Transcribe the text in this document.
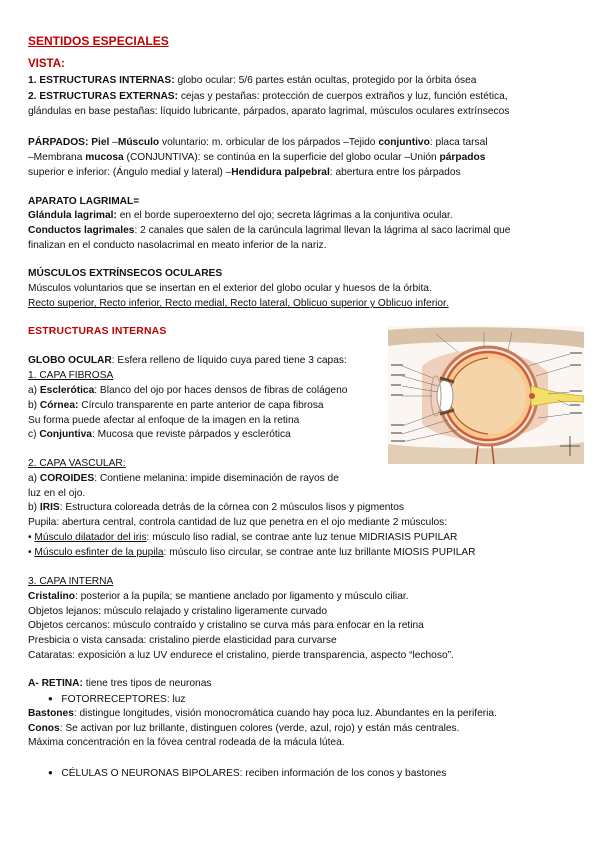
SENTIDOS ESPECIALES
VISTA:
1. ESTRUCTURAS INTERNAS: globo ocular: 5/6 partes están ocultas, protegido por la órbita ósea
2. ESTRUCTURAS EXTERNAS: cejas y pestañas: protección de cuerpos extraños y luz, función estética,
glándulas en base pestañas: líquido lubricante, párpados, aparato lagrimal, músculos oculares extrínsecos
PÁRPADOS: Piel –Músculo voluntario: m. orbicular de los párpados –Tejido conjuntivo: placa tarsal
–Membrana mucosa (CONJUNTIVA): se continúa en la superficie del globo ocular –Unión párpados
superior e inferior: (Ángulo medial y lateral) –Hendidura palpebral: abertura entre los párpados
APARATO LAGRIMAL=
Glándula lagrimal: en el borde superoexterno del ojo; secreta lágrimas a la conjuntiva ocular.
Conductos lagrimales: 2 canales que salen de la carúncula lagrimal llevan la lágrima al saco lacrimal que
finalizan en el conducto nasolacrimal en meato inferior de la nariz.
MÚSCULOS EXTRÍNSECOS OCULARES
Músculos voluntarios que se insertan en el exterior del globo ocular y huesos de la órbita.
Recto superior, Recto inferior, Recto medial, Recto lateral, Oblicuo superior y Oblicuo inferior.
ESTRUCTURAS INTERNAS
GLOBO OCULAR: Esfera relleno de líquido cuya pared tiene 3 capas:
1. CAPA FIBROSA
a) Esclerótica: Blanco del ojo por haces densos de fibras de colágeno
b) Córnea: Círculo transparente en parte anterior de capa fibrosa
Su forma puede afectar al enfoque de la imagen en la retina
c) Conjuntiva: Mucosa que reviste párpados y esclerótica
2. CAPA VASCULAR:
a) COROIDES: Contiene melanina: impide diseminación de rayos de
luz en el ojo.
b) IRIS: Estructura coloreada detrás de la córnea con 2 músculos lisos y pigmentos
Pupila: abertura central, controla cantidad de luz que penetra en el ojo mediante 2 músculos:
• Músculo dilatador del iris: músculo liso radial, se contrae ante luz tenue MIDRIASIS PUPILAR
• Músculo esfinter de la pupila: músculo liso circular, se contrae ante luz brillante MIOSIS PUPILAR
3. CAPA INTERNA
Cristalino: posterior a la pupila; se mantiene anclado por ligamento y músculo ciliar.
Objetos lejanos: músculo relajado y cristalino ligeramente curvado
Objetos cercanos: músculo contraído y cristalino se curva más para enfocar en la retina
Presbicia o vista cansada: cristalino pierde elasticidad para curvarse
Cataratas: exposición a luz UV endurece el cristalino, pierde transparencia, aspecto “lechoso”.
A- RETINA: tiene tres tipos de neuronas
● FOTORRECEPTORES: luz
Bastones: distingue longitudes, visión monocromática cuando hay poca luz. Abundantes en la periferia.
Conos: Se activan por luz brillante, distinguen colores (verde, azul, rojo) y están más centrales.
Máxima concentración en la fóvea central rodeada de la mácula lútea.
● CÉLULAS O NEURONAS BIPOLARES: reciben información de los conos y bastones
